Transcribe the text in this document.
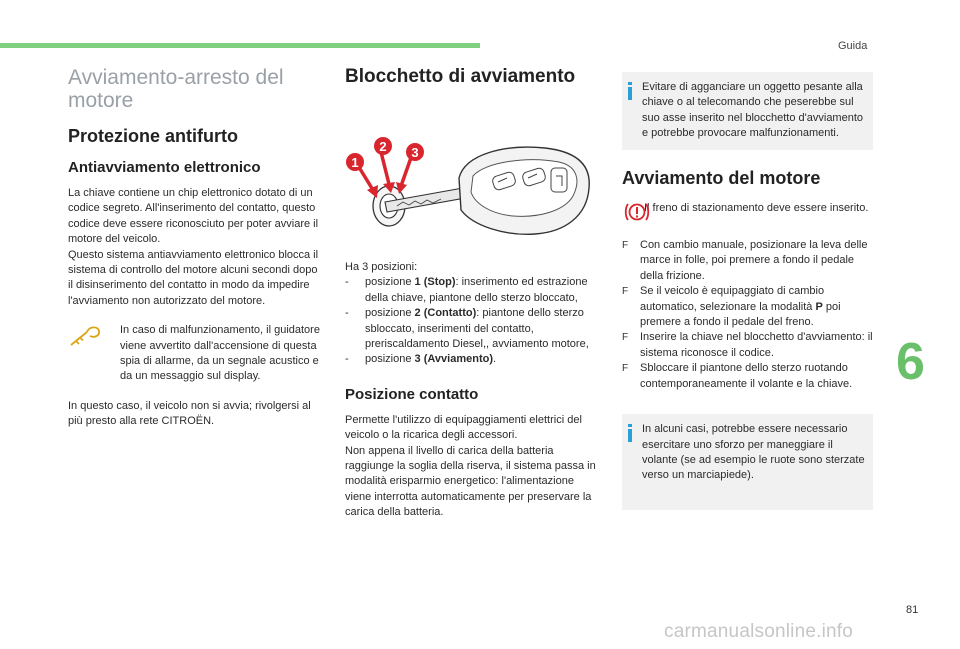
Guida
6
81
carmanualsonline.info
Avviamento-arresto del
motore
Protezione antifurto
Antiavviamento elettronico

La chiave contiene un chip elettronico dotato di un codice segreto. All'inserimento del contatto, questo codice deve essere riconosciuto per poter avviare il motore del veicolo.

Questo sistema antiavviamento elettronico blocca il sistema di controllo del motore alcuni secondi dopo il disinserimento del contatto in modo da impedire l'avviamento non autorizzato del motore.

In caso di malfunzionamento, il guidatore viene avvertito dall'accensione di questa spia di allarme, da un segnale acustico e da un messaggio sul display.

In questo caso, il veicolo non si avvia; rivolgersi al più presto alla rete CITROËN.

Blocchetto di avviamento
1
2 3

Ha 3 posizioni:

- posizione 1 (Stop): inserimento ed estrazione della chiave, piantone dello sterzo bloccato,
- posizione 2 (Contatto): piantone dello sterzo sbloccato, inserimenti del contatto, preriscaldamento Diesel,, avviamento motore,
- posizione 3 (Avviamento).
Posizione contatto

Permette l'utilizzo di equipaggiamenti elettrici del veicolo o la ricarica degli accessori.

Non appena il livello di carica della batteria raggiunge la soglia della riserva, il sistema passa in modalità erisparmio energetico: l'alimentazione viene interrotta automaticamente per preservare la carica della batteria.

Evitare di agganciare un oggetto pesante alla chiave o al telecomando che peserebbe sul suo asse inserito nel blocchetto d'avviamento e potrebbe provocare malfunzionamenti.

Avviamento del motore

Il freno di stazionamento deve essere inserito.

F Con cambio manuale, posizionare la leva delle marce in folle, poi premere a fondo il pedale della frizione.
F Se il veicolo è equipaggiato di cambio automatico, selezionare la modalità P poi premere a fondo il pedale del freno.
F Inserire la chiave nel blocchetto d'avviamento: il sistema riconosce il codice.
F Sbloccare il piantone dello sterzo ruotando contemporaneamente il volante e la chiave.

In alcuni casi, potrebbe essere necessario esercitare uno sforzo per maneggiare il volante (se ad esempio le ruote sono sterzate verso un marciapiede).
